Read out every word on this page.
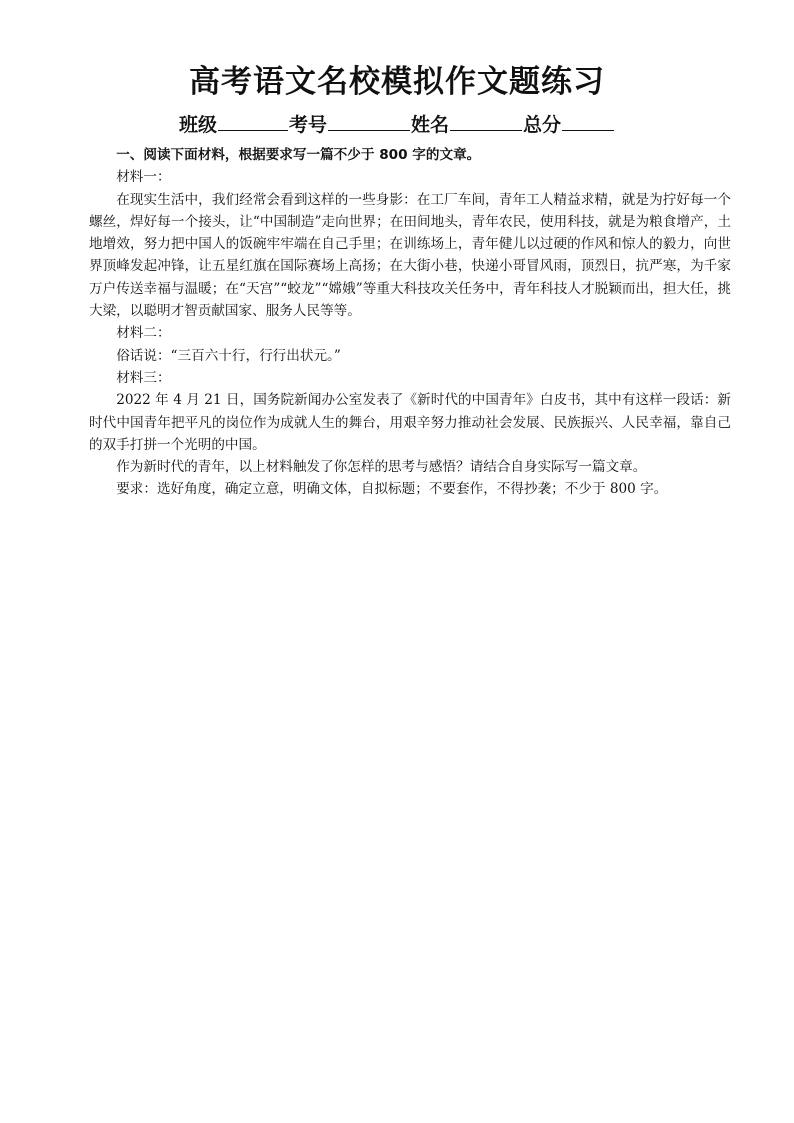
高考语文名校模拟作文题练习
班级	考号	姓名	总分

一、阅读下面材料，根据要求写一篇不少于 800 字的文章。

材料一：

在现实生活中，我们经常会看到这样的一些身影：在工厂车间，青年工人精益求精，就是为拧好每一个螺丝，焊好每一个接头，让“中国制造”走向世界；在田间地头，青年农民，使用科技，就是为粮食增产，土地增效，努力把中国人的饭碗牢牢端在自己手里；在训练场上，青年健儿以过硬的作风和惊人的毅力，向世界顶峰发起冲锋，让五星红旗在国际赛场上高扬；在大街小巷，快递小哥冒风雨，顶烈日，抗严寒，为千家万户传送幸福与温暖；在“天宫”“蛟龙”“嫦娥”等重大科技攻关任务中，青年科技人才脱颖而出，担大任，挑大梁，以聪明才智贡献国家、服务人民等等。

材料二：

俗话说：“三百六十行，行行出状元。”

材料三：

2022 年 4 月 21 日，国务院新闻办公室发表了《新时代的中国青年》白皮书，其中有这样一段话：新时代中国青年把平凡的岗位作为成就人生的舞台，用艰辛努力推动社会发展、民族振兴、人民幸福，靠自己的双手打拼一个光明的中国。

作为新时代的青年，以上材料触发了你怎样的思考与感悟？请结合自身实际写一篇文章。

要求：选好角度，确定立意，明确文体，自拟标题；不要套作，不得抄袭；不少于 800 字。
